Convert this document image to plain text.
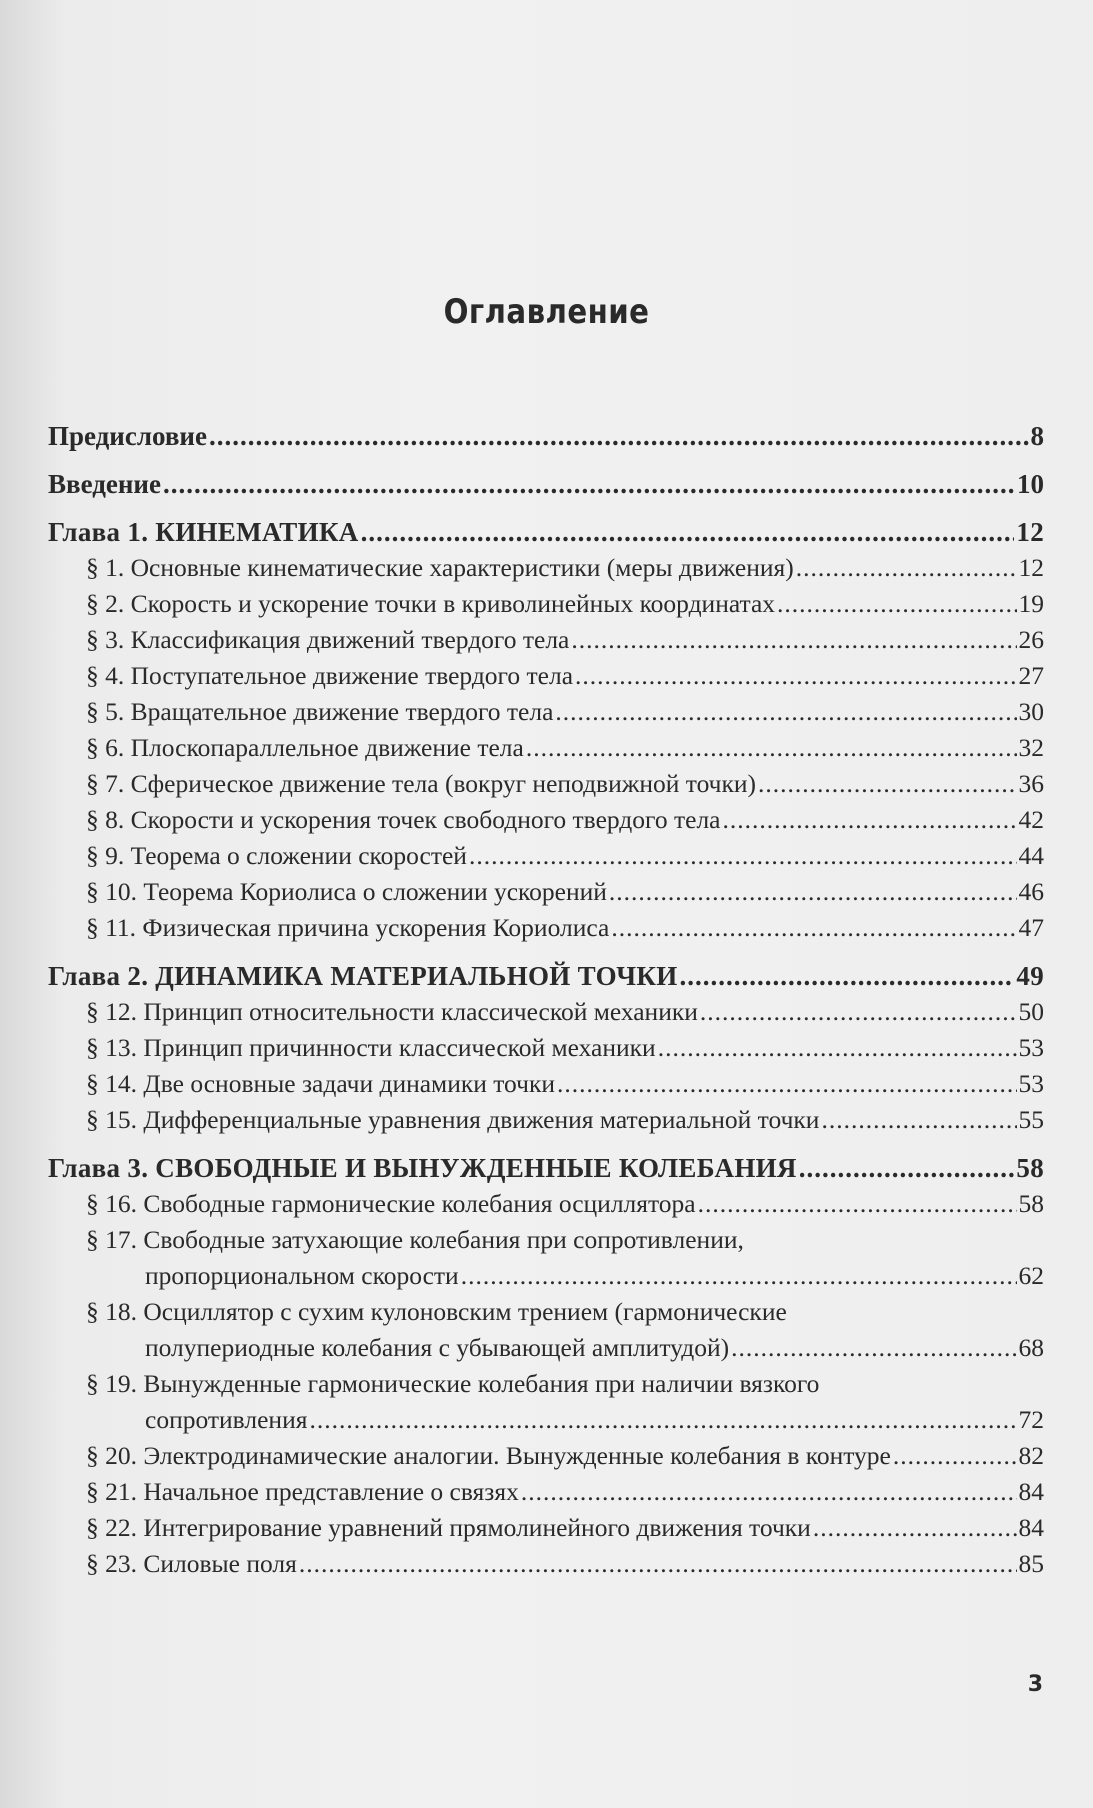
Оглавление
Предисловие .....	8
Введение .....	10
Глава 1. КИНЕМАТИКА .....	12
§ 1. Основные кинематические характеристики (меры движения) .....	12
§ 2. Скорость и ускорение точки в криволинейных координатах .....	19
§ 3. Классификация движений твердого тела .....	26
§ 4. Поступательное движение твердого тела .....	27
§ 5. Вращательное движение твердого тела .....	30
§ 6. Плоскопараллельное движение тела .....	32
§ 7. Сферическое движение тела (вокруг неподвижной точки) .....	36
§ 8. Скорости и ускорения точек свободного твердого тела .....	42
§ 9. Теорема о сложении скоростей .....	44
§ 10. Теорема Кориолиса о сложении ускорений .....	46
§ 11. Физическая причина ускорения Кориолиса .....	47
Глава 2. ДИНАМИКА МАТЕРИАЛЬНОЙ ТОЧКИ .....	49
§ 12. Принцип относительности классической механики .....	50
§ 13. Принцип причинности классической механики .....	53
§ 14. Две основные задачи динамики точки .....	53
§ 15. Дифференциальные уравнения движения материальной точки .....	55
Глава 3. СВОБОДНЫЕ И ВЫНУЖДЕННЫЕ КОЛЕБАНИЯ .....	58
§ 16. Свободные гармонические колебания осциллятора .....	58
§ 17. Свободные затухающие колебания при сопротивлении,
пропорциональном скорости .....	62
§ 18. Осциллятор с сухим кулоновским трением (гармонические
полупериодные колебания с убывающей амплитудой) .....	68
§ 19. Вынужденные гармонические колебания при наличии вязкого
сопротивления .....	72
§ 20. Электродинамические аналогии. Вынужденные колебания в контуре .....	82
§ 21. Начальное представление о связях .....	84
§ 22. Интегрирование уравнений прямолинейного движения точки .....	84
§ 23. Силовые поля .....	85
3
